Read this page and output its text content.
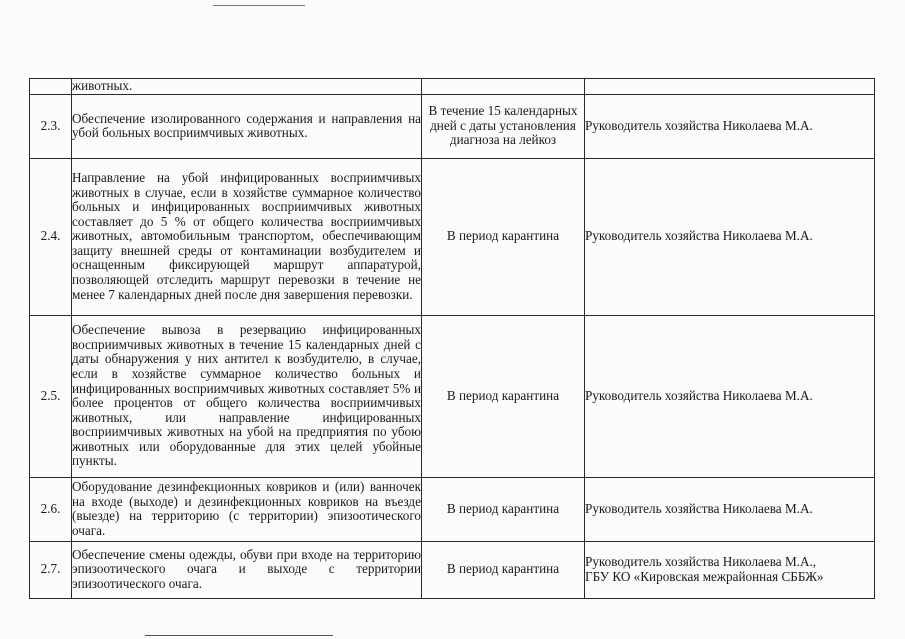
	животных.		

2.3.	Обеспечение изолированного содержания и направления на убой больных восприимчивых животных.	В течение 15 календарных дней с даты установления диагноза на лейкоз	Руководитель хозяйства Николаева М.А.

2.4.	Направление на убой инфицированных восприимчивых животных в случае, если в хозяйстве суммарное количество больных и инфицированных восприимчивых животных составляет до 5 % от общего количества восприимчивых животных, автомобильным транспортом, обеспечивающим защиту внешней среды от контаминации возбудителем и оснащенным фиксирующей маршрут аппаратурой, позволяющей отследить маршрут перевозки в течение не менее 7 календарных дней после дня завершения перевозки.	В период карантина	Руководитель хозяйства Николаева М.А.

2.5.	Обеспечение вывоза в резервацию инфицированных восприимчивых животных в течение 15 календарных дней с даты обнаружения у них антител к возбудителю, в случае, если в хозяйстве суммарное количество больных и инфицированных восприимчивых животных составляет 5% и более процентов от общего количества восприимчивых животных, или направление инфицированных восприимчивых животных на убой на предприятия по убою животных или оборудованные для этих целей убойные пункты.	В период карантина	Руководитель хозяйства Николаева М.А.

2.6.	Оборудование дезинфекционных ковриков и (или) ванночек на входе (выходе) и дезинфекционных ковриков на въезде (выезде) на территорию (с территории) эпизоотического очага.	В период карантина	Руководитель хозяйства Николаева М.А.

2.7.	Обеспечение смены одежды, обуви при входе на территорию эпизоотического очага и выходе с территории эпизоотического очага.	В период карантина	Руководитель хозяйства Николаева М.А.,
ГБУ КО «Кировская межрайонная СББЖ»
